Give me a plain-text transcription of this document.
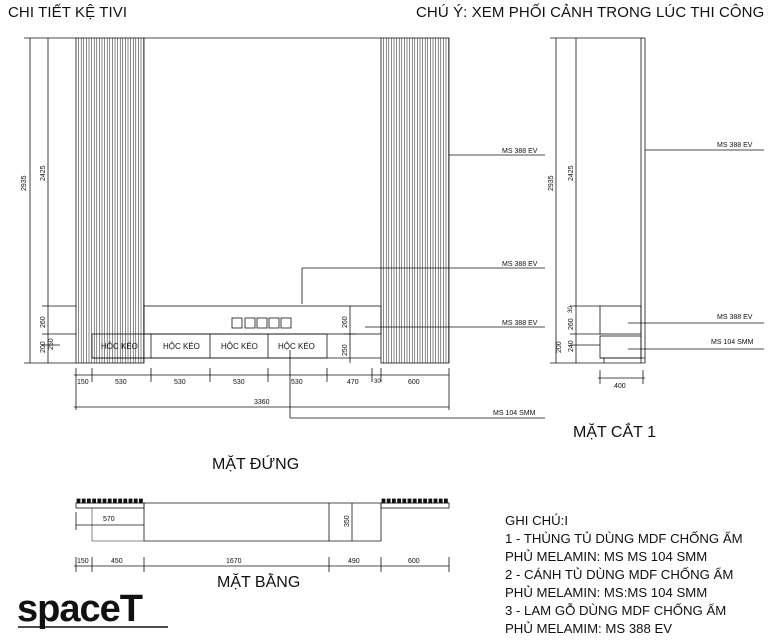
CHI TIẾT KỆ TIVI	CHÚ Ý: XEM PHỐI CẢNH TRONG LÚC THI CÔNG
2935
2425
260
250
200
260
250
HỘC KÉO	HỘC KÉO	HỘC KÉO	HỘC KÉO
150	530	530	530	530	470	30	600
3360
MS 388 EV
MS 388 EV
MS 388 EV
MS 104 SMM
MẶT ĐỨNG
2935
2425
260
30
200 240
400
MS 388 EV
MS 388 EV
MS 104 SMM
MẶT CẮT 1
570	350
150	450	1670	490	600
MẶT BẰNG
GHI CHÚ:I
1 - THÙNG TỦ DÙNG MDF CHỐNG ẨM
PHỦ MELAMIN: MS MS 104 SMM
2 - CÁNH TỦ DÙNG MDF CHỐNG ẨM
PHỦ MELAMIN: MS:MS 104 SMM
3 - LAM GỖ DÙNG MDF CHỐNG ẨM
PHỦ MELAMIM: MS 388 EV
spaceT
